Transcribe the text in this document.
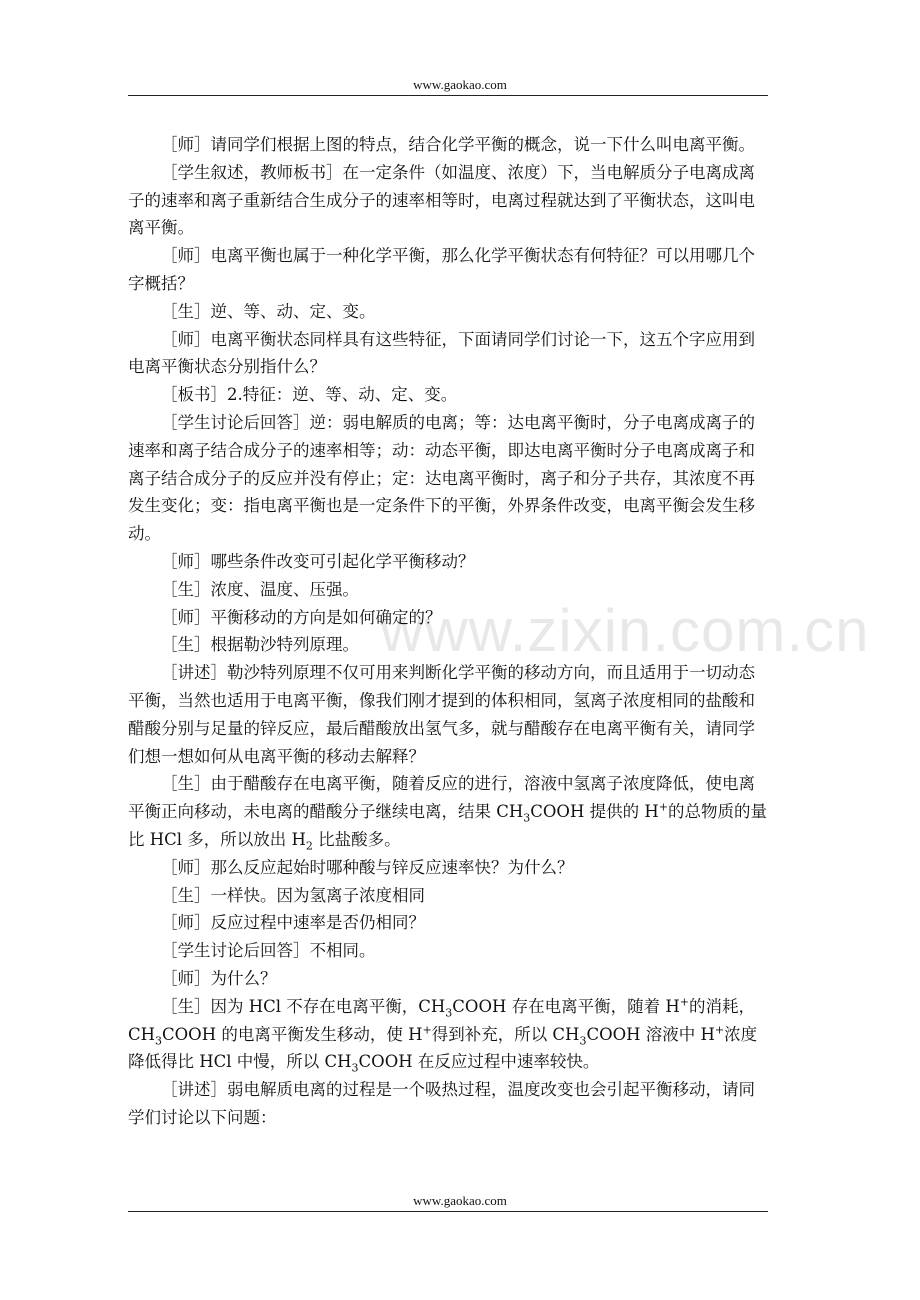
www.gaokao.com
www.zixin.com.cn

［师］请同学们根据上图的特点，结合化学平衡的概念，说一下什么叫电离平衡。

［学生叙述，教师板书］在一定条件（如温度、浓度）下，当电解质分子电离成离子的速率和离子重新结合生成分子的速率相等时，电离过程就达到了平衡状态，这叫电离平衡。

［师］电离平衡也属于一种化学平衡，那么化学平衡状态有何特征？可以用哪几个字概括？

［生］逆、等、动、定、变。

［师］电离平衡状态同样具有这些特征，下面请同学们讨论一下，这五个字应用到电离平衡状态分别指什么？

［板书］2.特征：逆、等、动、定、变。

［学生讨论后回答］逆：弱电解质的电离；等：达电离平衡时，分子电离成离子的速率和离子结合成分子的速率相等；动：动态平衡，即达电离平衡时分子电离成离子和离子结合成分子的反应并没有停止；定：达电离平衡时，离子和分子共存，其浓度不再发生变化；变：指电离平衡也是一定条件下的平衡，外界条件改变，电离平衡会发生移动。

［师］哪些条件改变可引起化学平衡移动？

［生］浓度、温度、压强。

［师］平衡移动的方向是如何确定的？

［生］根据勒沙特列原理。

［讲述］勒沙特列原理不仅可用来判断化学平衡的移动方向，而且适用于一切动态平衡，当然也适用于电离平衡，像我们刚才提到的体积相同，氢离子浓度相同的盐酸和醋酸分别与足量的锌反应，最后醋酸放出氢气多，就与醋酸存在电离平衡有关，请同学们想一想如何从电离平衡的移动去解释？

［生］由于醋酸存在电离平衡，随着反应的进行，溶液中氢离子浓度降低，使电离平衡正向移动，未电离的醋酸分子继续电离，结果 $CH_3COOH$ 提供的 H+的总物质的量比 HCl 多，所以放出 $H_2$ 比盐酸多。

［师］那么反应起始时哪种酸与锌反应速率快？为什么？

［生］一样快。因为氢离子浓度相同

［师］反应过程中速率是否仍相同？

［学生讨论后回答］不相同。

［师］为什么？

［生］因为 HCl 不存在电离平衡，$CH_3COOH$ 存在电离平衡，随着 H+的消耗，$CH_3COOH$ 的电离平衡发生移动，使 H+得到补充，所以 $CH_3COOH$ 溶液中 H+浓度降低得比 HCl 中慢，所以 $CH_3COOH$ 在反应过程中速率较快。

［讲述］弱电解质电离的过程是一个吸热过程，温度改变也会引起平衡移动，请同学们讨论以下问题：

www.gaokao.com
